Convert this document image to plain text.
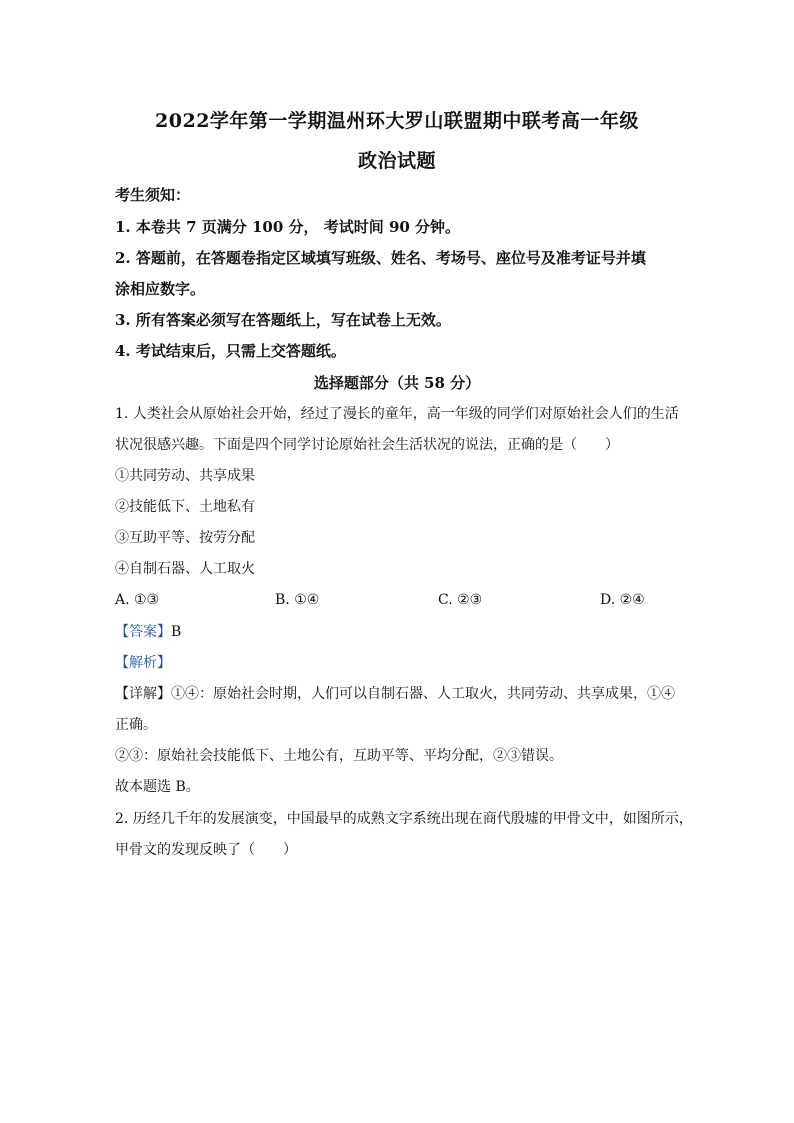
2022学年第一学期温州环大罗山联盟期中联考高一年级
政治试题
考生须知：
1. 本卷共 7 页满分 100 分， 考试时间 90 分钟。
2. 答题前，在答题卷指定区域填写班级、姓名、考场号、座位号及准考证号并填
涂相应数字。
3. 所有答案必须写在答题纸上，写在试卷上无效。
4. 考试结束后，只需上交答题纸。
选择题部分（共 58 分）
1. 人类社会从原始社会开始，经过了漫长的童年，高一年级的同学们对原始社会人们的生活
状况很感兴趣。下面是四个同学讨论原始社会生活状况的说法，正确的是（　　）
①共同劳动、共享成果
②技能低下、土地私有
③互助平等、按劳分配
④自制石器、人工取火
A. ①③	B. ①④	C. ②③	D. ②④
【答案】B
【解析】
【详解】①④：原始社会时期，人们可以自制石器、人工取火，共同劳动、共享成果，①④
正确。
②③：原始社会技能低下、土地公有，互助平等、平均分配，②③错误。
故本题选 B。
2. 历经几千年的发展演变，中国最早的成熟文字系统出现在商代殷墟的甲骨文中，如图所示，
甲骨文的发现反映了（　　）
